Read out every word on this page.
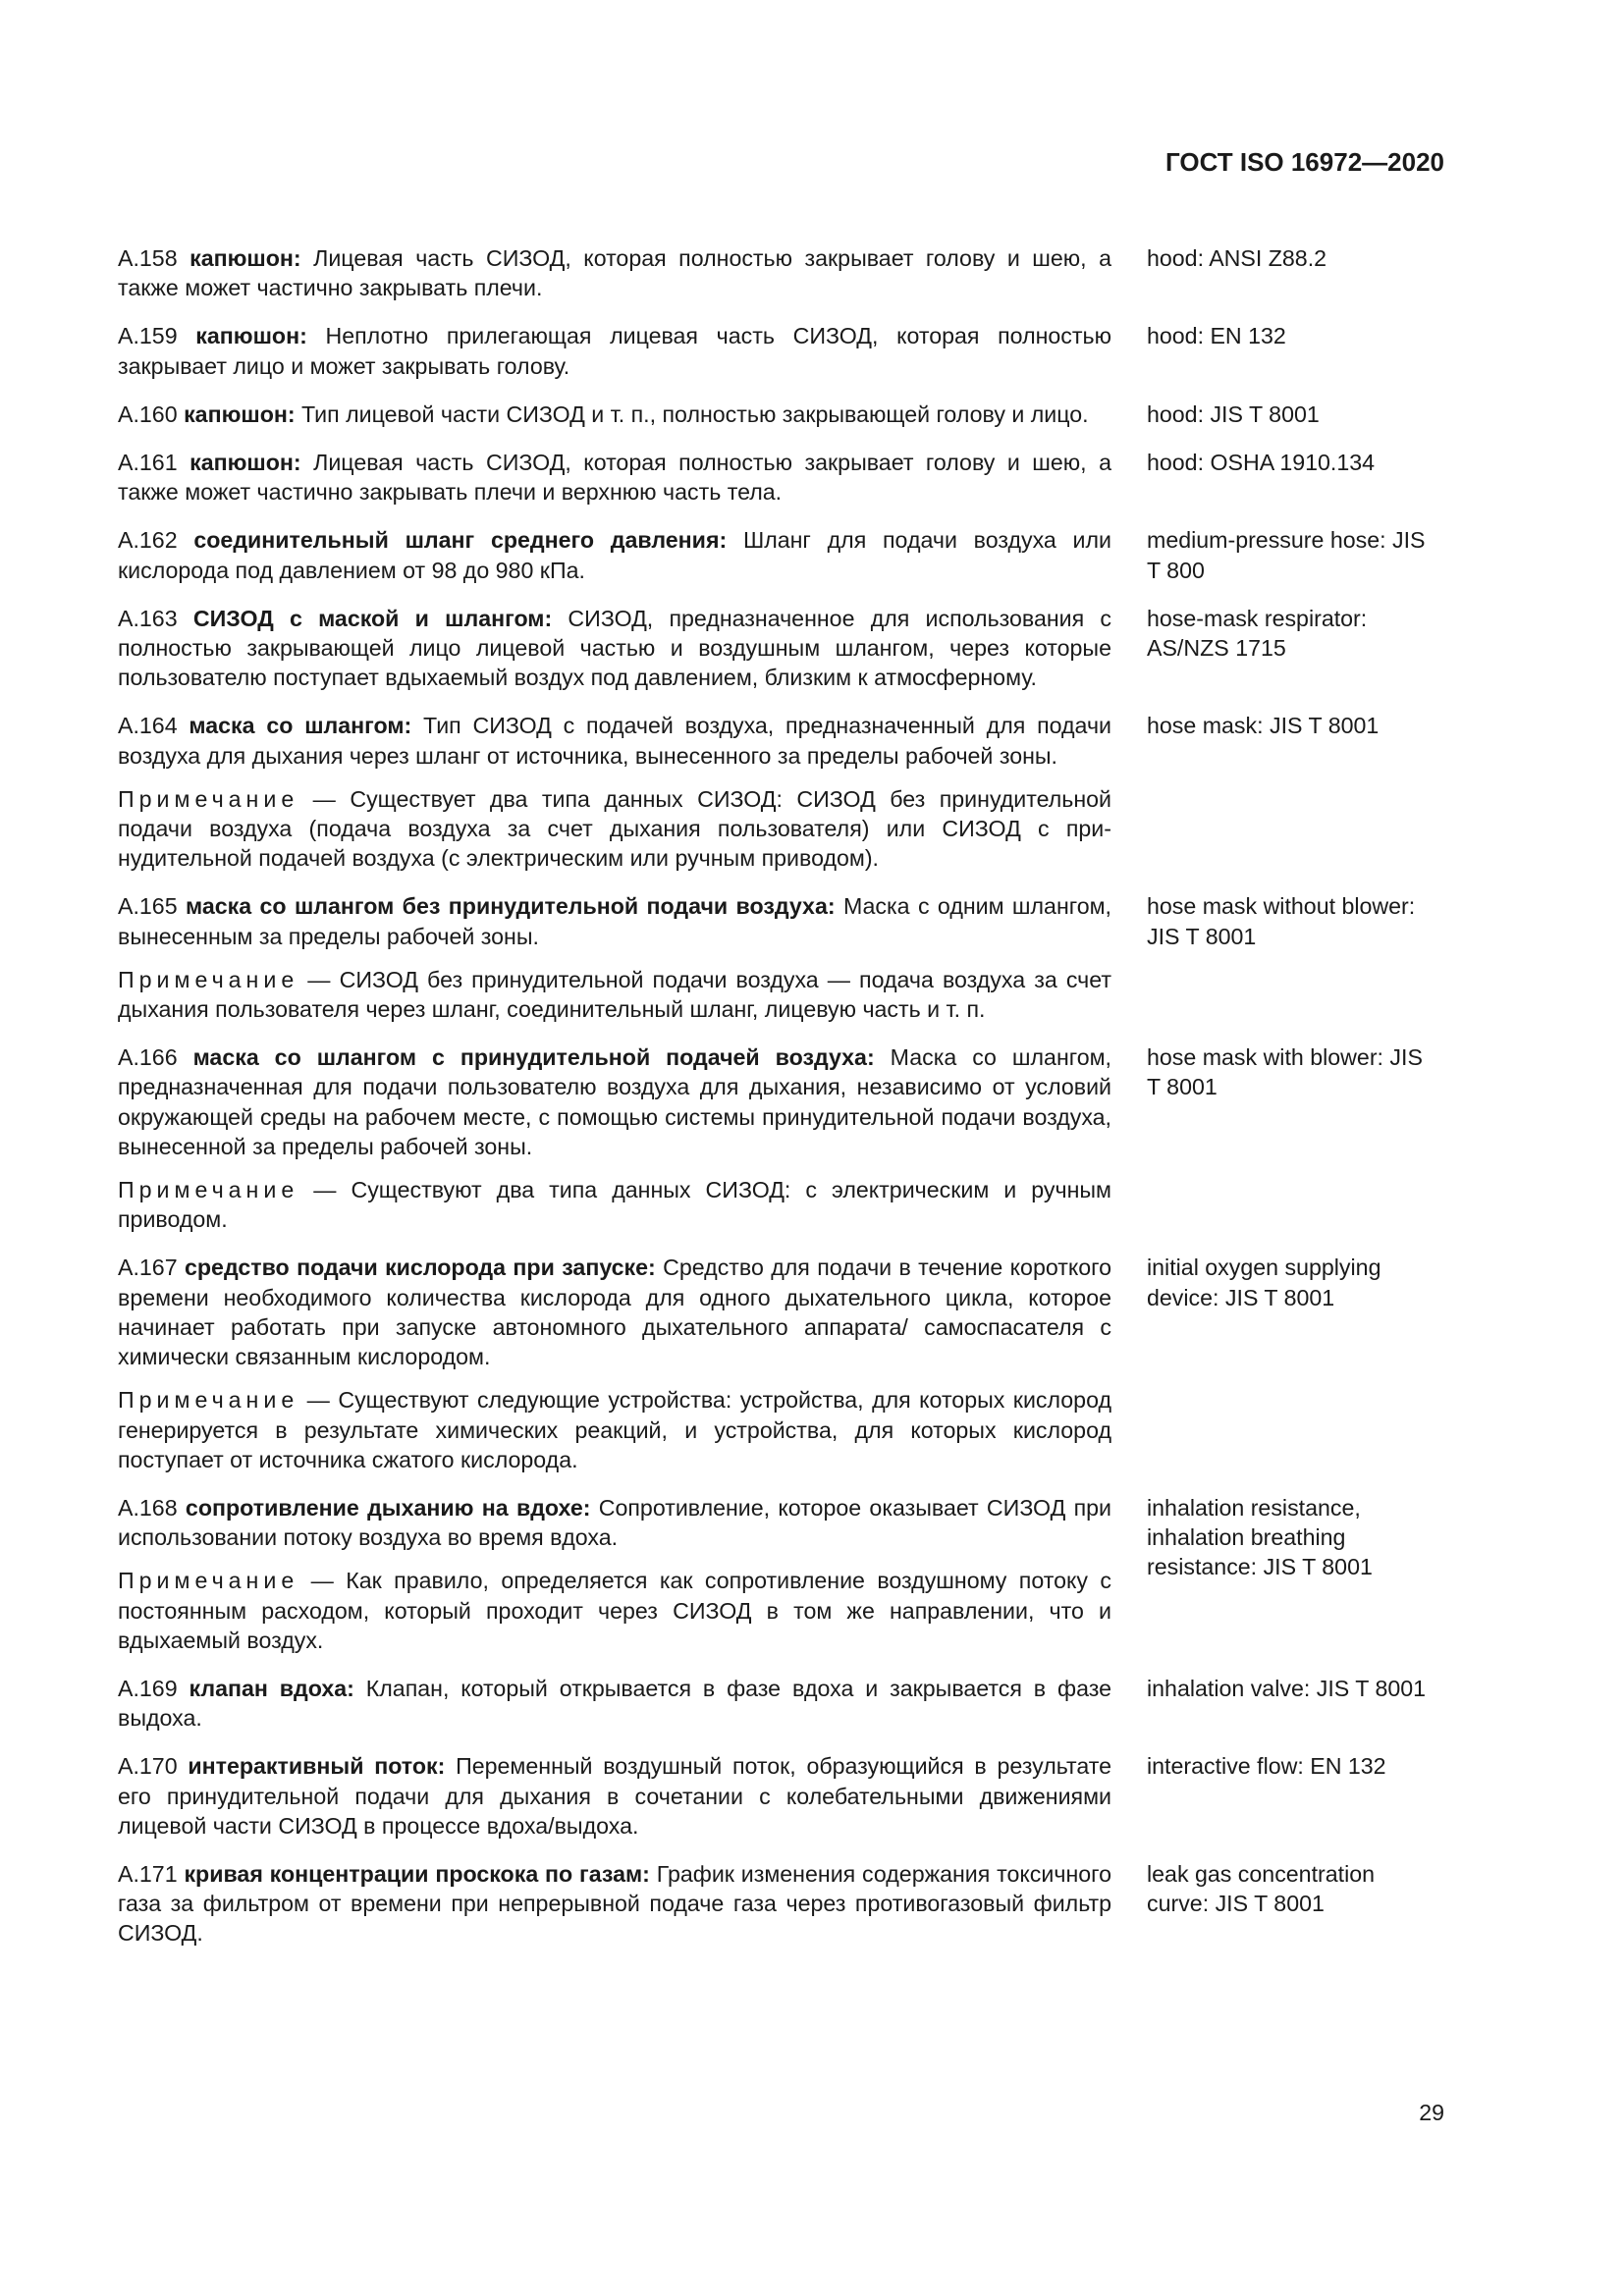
ГОСТ ISO 16972—2020

A.158 капюшон: Лицевая часть СИЗОД, которая полностью закрывает голову и шею, а также может частично закрывать плечи.

hood: ANSI Z88.2

A.159 капюшон: Неплотно прилегающая лицевая часть СИЗОД, которая полностью закрывает лицо и может закрывать голову.

hood: EN 132

A.160 капюшон: Тип лицевой части СИЗОД и т. п., полностью закрывающей голову и лицо.	hood: JIS T 8001

A.161 капюшон: Лицевая часть СИЗОД, которая полностью закрывает голову и шею, а также может частично закрывать плечи и верхнюю часть тела.

hood: OSHA 1910.134

A.162 соединительный шланг среднего давления: Шланг для подачи воздуха или кислорода под давлением от 98 до 980 кПа.

medium-pressure hose: JIS T 800

A.163 СИЗОД с маской и шлангом: СИЗОД, предназначенное для использования с полностью закрывающей лицо лицевой частью и воздушным шлангом, через которые пользователю поступает вдыхаемый воздух под давлением, близким к атмосферному.

hose-mask respirator: AS/NZS 1715

A.164 маска со шлангом: Тип СИЗОД с подачей воздуха, предназначенный для подачи воздуха для дыхания через шланг от источника, вынесенного за пределы рабочей зоны.

Примечание — Существует два типа данных СИЗОД: СИЗОД без принудительной подачи воздуха (подача воздуха за счет дыхания пользователя) или СИЗОД с принудительной подачей воздуха (с электрическим или ручным приводом).

hose mask: JIS T 8001

A.165 маска со шлангом без принудительной подачи воздуха: Маска с одним шлангом, вынесенным за пределы рабочей зоны.

Примечание — СИЗОД без принудительной подачи воздуха — подача воздуха за счет дыхания пользователя через шланг, соединительный шланг, лицевую часть и т. п.

hose mask without blower: JIS T 8001

A.166 маска со шлангом с принудительной подачей воздуха: Маска со шлангом, предназначенная для подачи пользователю воздуха для дыхания, независимо от условий окружающей среды на рабочем месте, с помощью системы принудительной подачи воздуха, вынесенной за пределы рабочей зоны.

Примечание — Существуют два типа данных СИЗОД: с электрическим и ручным приводом.

hose mask with blower: JIS T 8001

A.167 средство подачи кислорода при запуске: Средство для подачи в течение короткого времени необходимого количества кислорода для одного дыхательного цикла, которое начинает работать при запуске автономного дыхательного аппарата/ самоспасателя с химически связанным кислородом.

Примечание — Существуют следующие устройства: устройства, для которых кислород генерируется в результате химических реакций, и устройства, для которых кислород поступает от источника сжатого кислорода.

initial oxygen supplying device: JIS T 8001

A.168 сопротивление дыханию на вдохе: Сопротивление, которое оказывает СИЗОД при использовании потоку воздуха во время вдоха.

Примечание — Как правило, определяется как сопротивление воздушному потоку с постоянным расходом, который проходит через СИЗОД в том же направлении, что и вдыхаемый воздух.

inhalation resistance, inhalation breathing resistance: JIS T 8001

A.169 клапан вдоха: Клапан, который открывается в фазе вдоха и закрывается в фазе выдоха.

inhalation valve: JIS T 8001

A.170 интерактивный поток: Переменный воздушный поток, образующийся в результате его принудительной подачи для дыхания в сочетании с колебательными движениями лицевой части СИЗОД в процессе вдоха/выдоха.

interactive flow: EN 132

A.171 кривая концентрации проскока по газам: График изменения содержания токсичного газа за фильтром от времени при непрерывной подаче газа через противогазовый фильтр СИЗОД.

leak gas concentration curve: JIS T 8001
29
